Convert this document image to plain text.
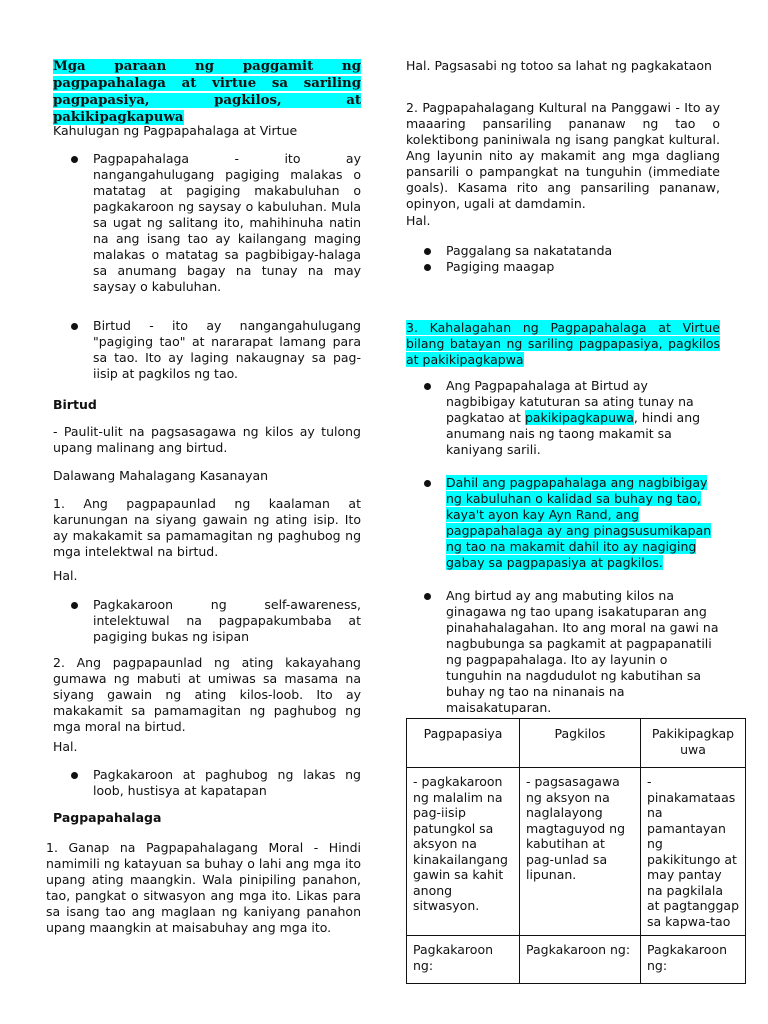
Mga paraan ng paggamit ng pagpapahalaga at virtue sa sariling pagpapasiya, pagkilos, at pakikipagkapuwa

Kahulugan ng Pagpapahalaga at Virtue

Pagpapahalaga - ito ay nangangahulugang pagiging malakas o matatag at pagiging makabuluhan o pagkakaroon ng saysay o kabuluhan. Mula sa ugat ng salitang ito, mahihinuha natin na ang isang tao ay kailangang maging malakas o matatag sa pagbibigay-halaga sa anumang bagay na tunay na may saysay o kabuluhan.
Birtud - ito ay nangangahulugang "pagiging tao" at nararapat lamang para sa tao. Ito ay laging nakaugnay sa pag-iisip at pagkilos ng tao.

Birtud

- Paulit-ulit na pagsasagawa ng kilos ay tulong upang malinang ang birtud.

Dalawang Mahalagang Kasanayan

1. Ang pagpapaunlad ng kaalaman at karunungan na siyang gawain ng ating isip. Ito ay makakamit sa pamamagitan ng paghubog ng mga intelektwal na birtud.

Hal.

Pagkakaroon ng self-awareness, intelektuwal na pagpapakumbaba at pagiging bukas ng isipan

2. Ang pagpapaunlad ng ating kakayahang gumawa ng mabuti at umiwas sa masama na siyang gawain ng ating kilos-loob. Ito ay makakamit sa pamamagitan ng paghubog ng mga moral na birtud.

Hal.

Pagkakaroon at paghubog ng lakas ng loob, hustisya at kapatapan

Pagpapahalaga

1. Ganap na Pagpapahalagang Moral - Hindi namimili ng katayuan sa buhay o lahi ang mga ito upang ating maangkin. Wala pinipiling panahon, tao, pangkat o sitwasyon ang mga ito. Likas para sa isang tao ang maglaan ng kaniyang panahon upang maangkin at maisabuhay ang mga ito.

Hal. Pagsasabi ng totoo sa lahat ng pagkakataon

2. Pagpapahalagang Kultural na Panggawi - Ito ay maaaring pansariling pananaw ng tao o kolektibong paniniwala ng isang pangkat kultural. Ang layunin nito ay makamit ang mga dagliang pansarili o pampangkat na tunguhin (immediate goals). Kasama rito ang pansariling pananaw, opinyon, ugali at damdamin.

Hal.

Paggalang sa nakatatanda
Pagiging maagap

3. Kahalagahan ng Pagpapahalaga at Virtue bilang batayan ng sariling pagpapasiya, pagkilos at pakikipagkapwa

Ang Pagpapahalaga at Birtud ay nagbibigay katuturan sa ating tunay na pagkatao at pakikipagkapuwa, hindi ang anumang nais ng taong makamit sa kaniyang sarili.
Dahil ang pagpapahalaga ang nagbibigay ng kabuluhan o kalidad sa buhay ng tao, kaya't ayon kay Ayn Rand, ang pagpapahalaga ay ang pinagsusumikapan ng tao na makamit dahil ito ay nagiging gabay sa pagpapasiya at pagkilos.
Ang birtud ay ang mabuting kilos na ginagawa ng tao upang isakatuparan ang pinahahalagahan. Ito ang moral na gawi na nagbubunga sa pagkamit at pagpapanatili ng pagpapahalaga. Ito ay layunin o tunguhin na nagdudulot ng kabutihan sa buhay ng tao na ninanais na maisakatuparan.
Pagpapasiya	Pagkilos	Pakikipagkap uwa
- pagkakaroon ng malalim na pag-iisip patungkol sa aksyon na kinakailangang gawin sa kahit anong sitwasyon.	- pagsasagawa ng aksyon na naglalayong magtaguyod ng kabutihan at pag-unlad sa lipunan.	- pinakamataas na pamantayan ng pakikitungo at may pantay na pagkilala at pagtanggap sa kapwa-tao
Pagkakaroon ng:	Pagkakaroon ng:	Pagkakaroon ng:
